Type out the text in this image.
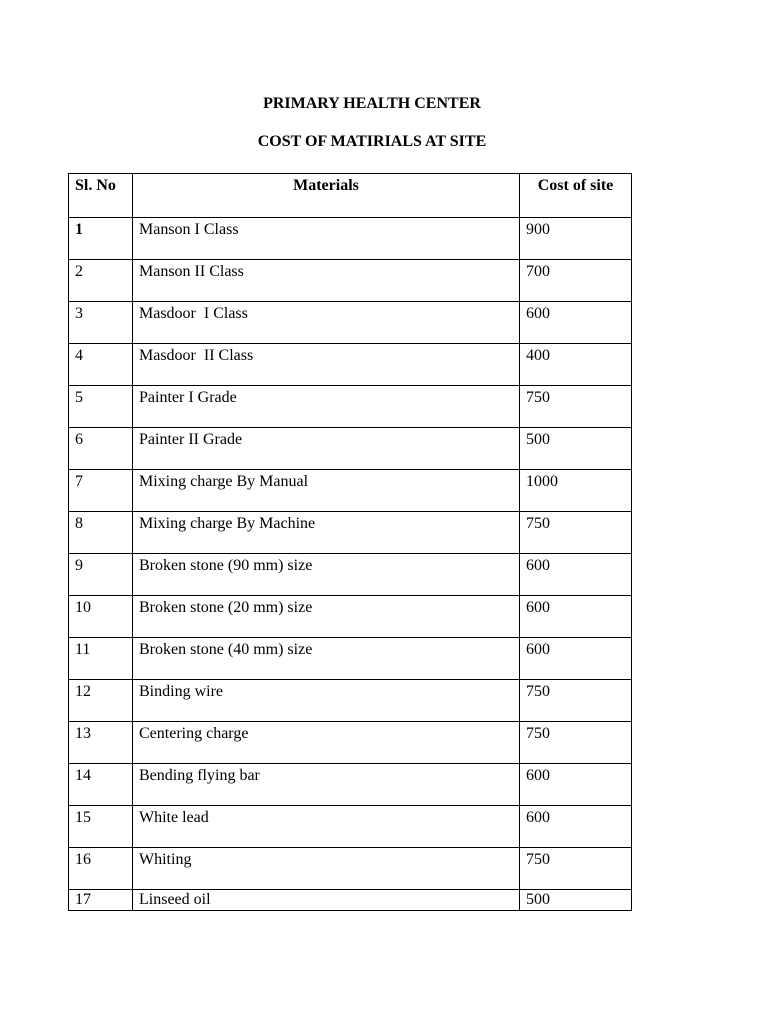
PRIMARY HEALTH CENTER
COST OF MATIRIALS AT SITE
Sl. No	Materials	Cost of site
1	Manson I Class	900
2	Manson II Class	700
3	Masdoor  I Class	600
4	Masdoor  II Class	400
5	Painter I Grade	750
6	Painter II Grade	500
7	Mixing charge By Manual	1000
8	Mixing charge By Machine	750
9	Broken stone (90 mm) size	600
10	Broken stone (20 mm) size	600
11	Broken stone (40 mm) size	600
12	Binding wire	750
13	Centering charge	750
14	Bending flying bar	600
15	White lead	600
16	Whiting	750
17	Linseed oil	500
